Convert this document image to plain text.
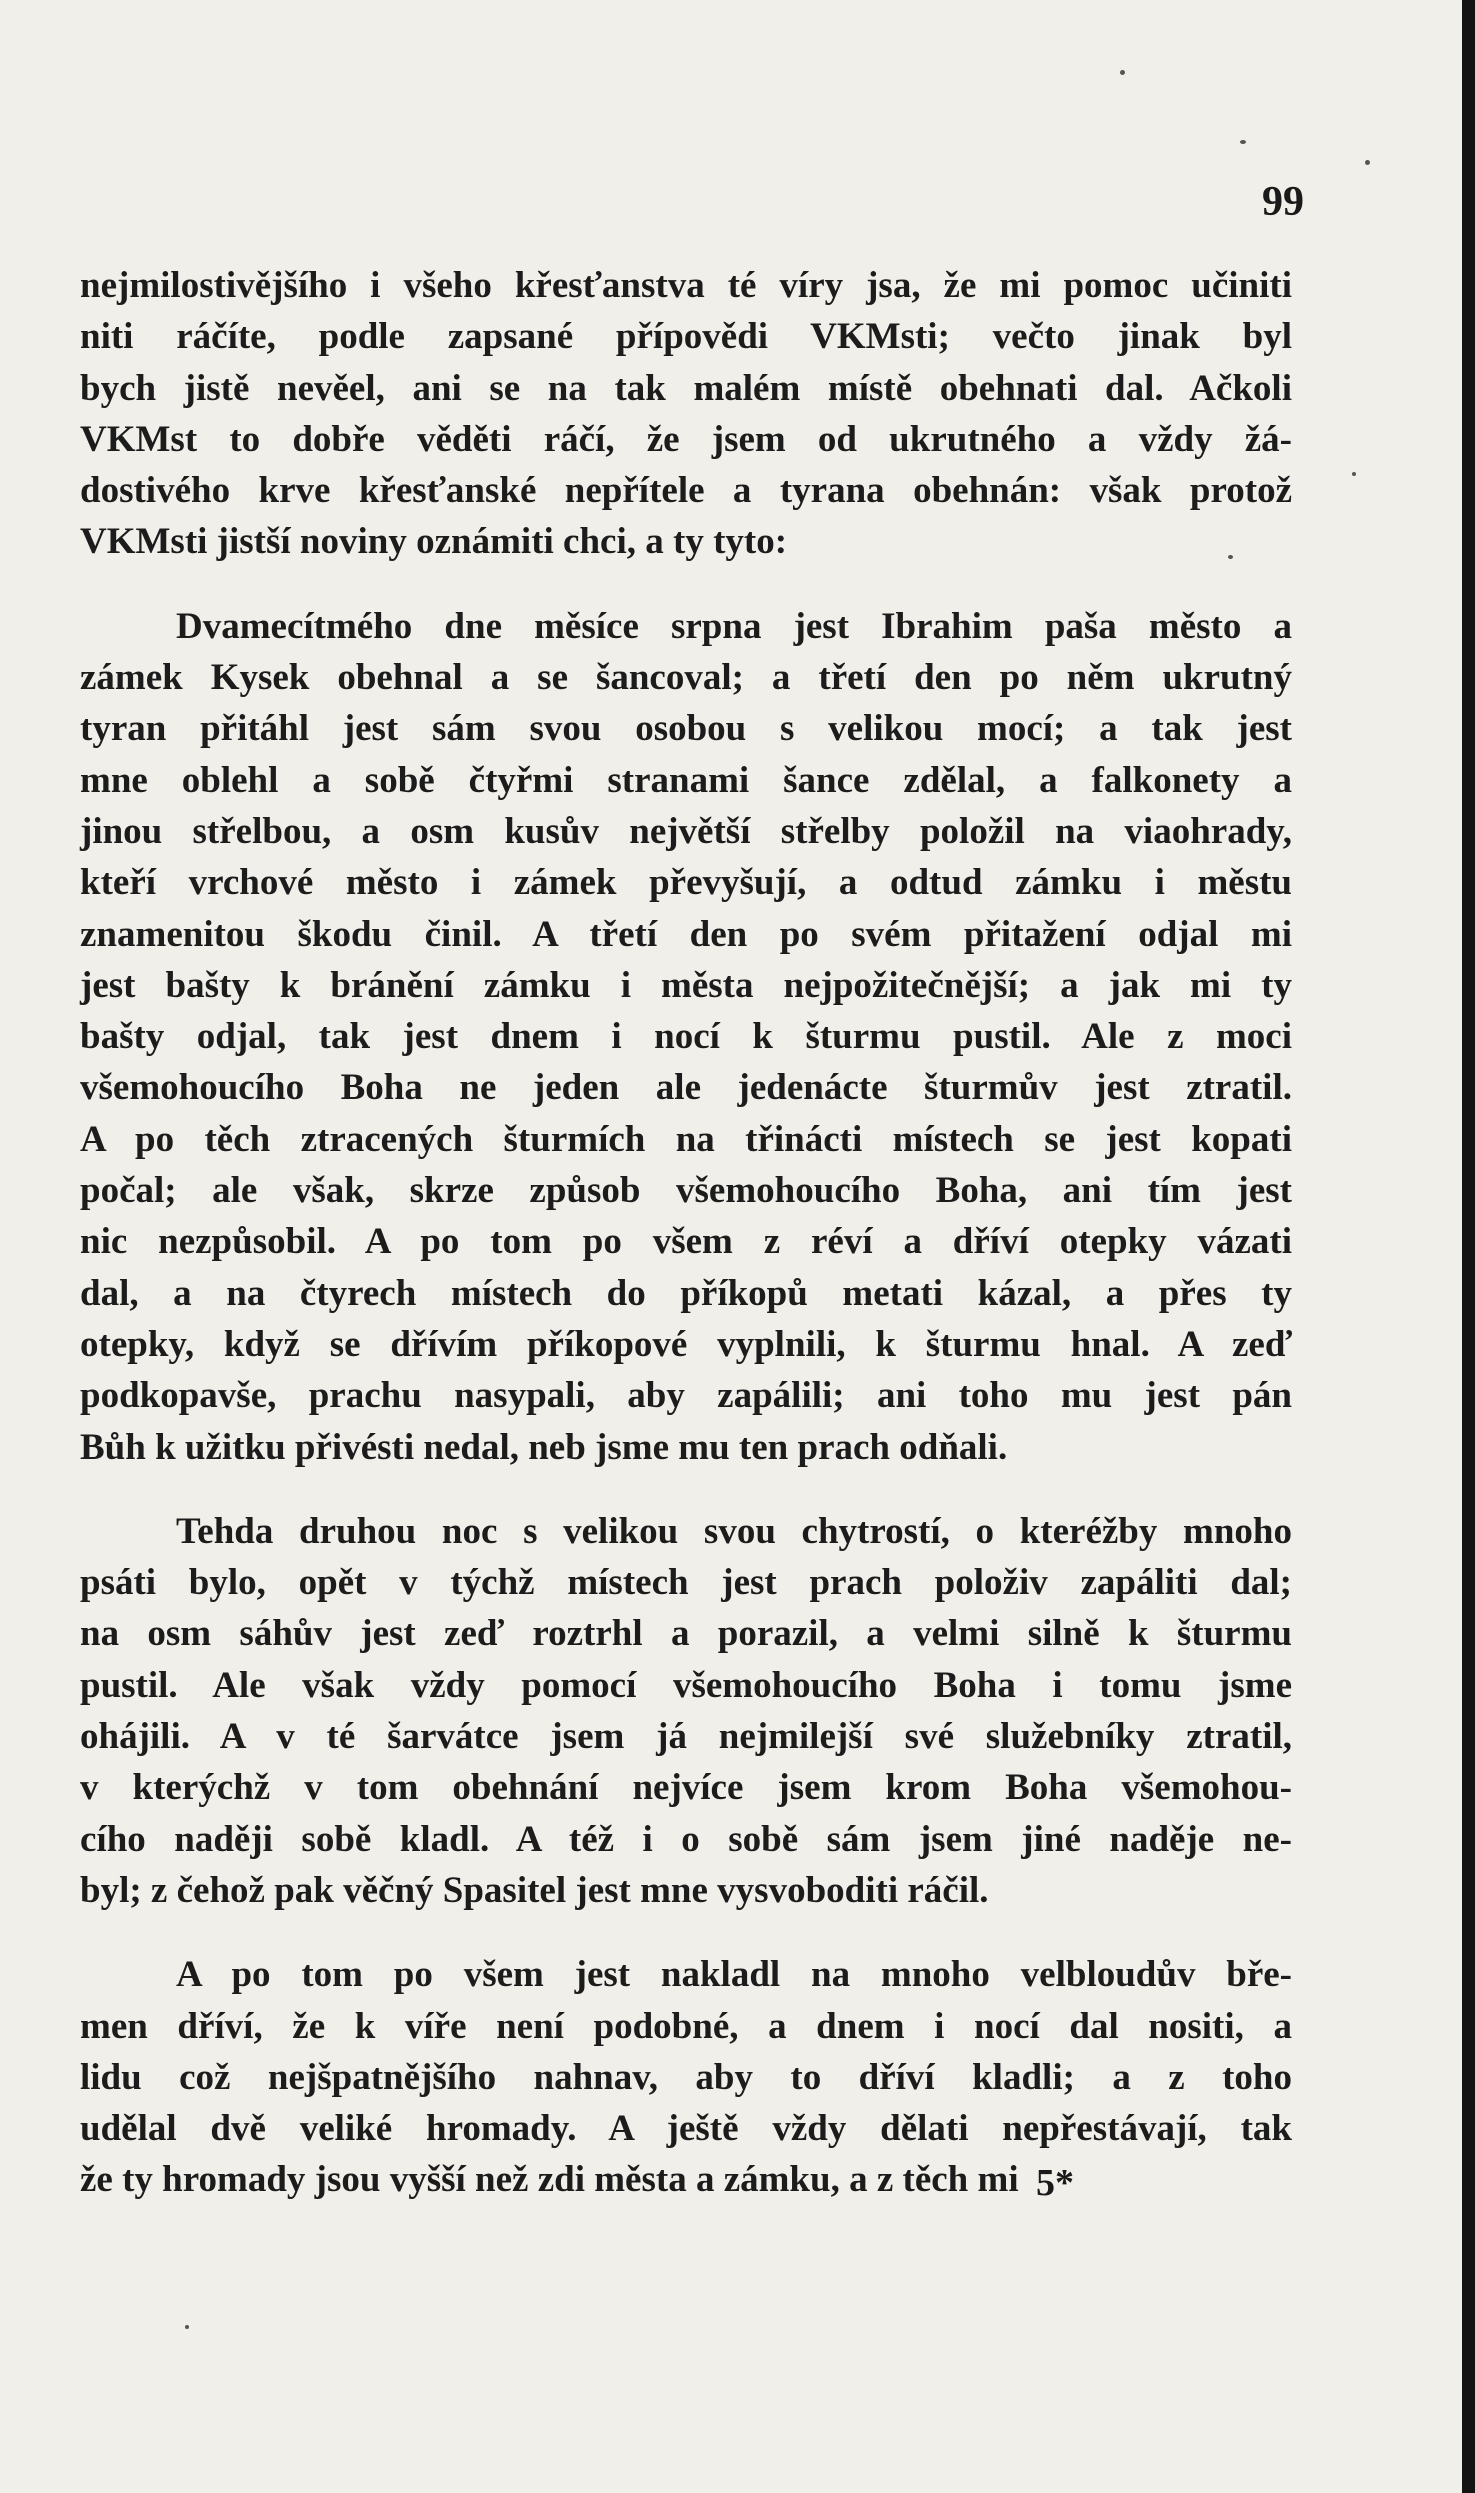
99

nejmilostivějšího i všeho křesťanstva té víry jsa, že mi pomoc učiniti
niti ráčíte, podle zapsané přípovědi VKMsti; večto jinak byl
bych jistě nevěel, ani se na tak malém místě obehnati dal. Ačkoli
VKMst to dobře věděti ráčí, že jsem od ukrutného a vždy žá-
dostivého krve křesťanské nepřítele a tyrana obehnán: však protož
VKMsti jistší noviny oznámiti chci, a ty tyto:
Dvamecítmého dne měsíce srpna jest Ibrahim paša město a
zámek Kysek obehnal a se šancoval; a třetí den po něm ukrutný
tyran přitáhl jest sám svou osobou s velikou mocí; a tak jest
mne oblehl a sobě čtyřmi stranami šance zdělal, a falkonety a
jinou střelbou, a osm kusův největší střelby položil na viaohrady,
kteří vrchové město i zámek převyšují, a odtud zámku i městu
znamenitou škodu činil. A třetí den po svém přitažení odjal mi
jest bašty k bránění zámku i města nejpožitečnější; a jak mi ty
bašty odjal, tak jest dnem i nocí k šturmu pustil. Ale z moci
všemohoucího Boha ne jeden ale jedenácte šturmův jest ztratil.
A po těch ztracených šturmích na třinácti místech se jest kopati
počal; ale však, skrze způsob všemohoucího Boha, ani tím jest
nic nezpůsobil. A po tom po všem z réví a dříví otepky vázati
dal, a na čtyrech místech do příkopů metati kázal, a přes ty
otepky, když se dřívím příkopové vyplnili, k šturmu hnal. A zeď
podkopavše, prachu nasypali, aby zapálili; ani toho mu jest pán
Bůh k užitku přivésti nedal, neb jsme mu ten prach odňali.
Tehda druhou noc s velikou svou chytrostí, o kteréžby mnoho
psáti bylo, opět v týchž místech jest prach položiv zapáliti dal;
na osm sáhův jest zeď roztrhl a porazil, a velmi silně k šturmu
pustil. Ale však vždy pomocí všemohoucího Boha i tomu jsme
ohájili. A v té šarvátce jsem já nejmilejší své služebníky ztratil,
v kterýchž v tom obehnání nejvíce jsem krom Boha všemohou-
cího naději sobě kladl. A též i o sobě sám jsem jiné naděje ne-
byl; z čehož pak věčný Spasitel jest mne vysvoboditi ráčil.
A po tom po všem jest nakladl na mnoho velbloudův bře-
men dříví, že k víře není podobné, a dnem i nocí dal nositi, a
lidu což nejšpatnějšího nahnav, aby to dříví kladli; a z toho
udělal dvě veliké hromady. A ještě vždy dělati nepřestávají, tak
že ty hromady jsou vyšší než zdi města a zámku, a z těch mi 5*
